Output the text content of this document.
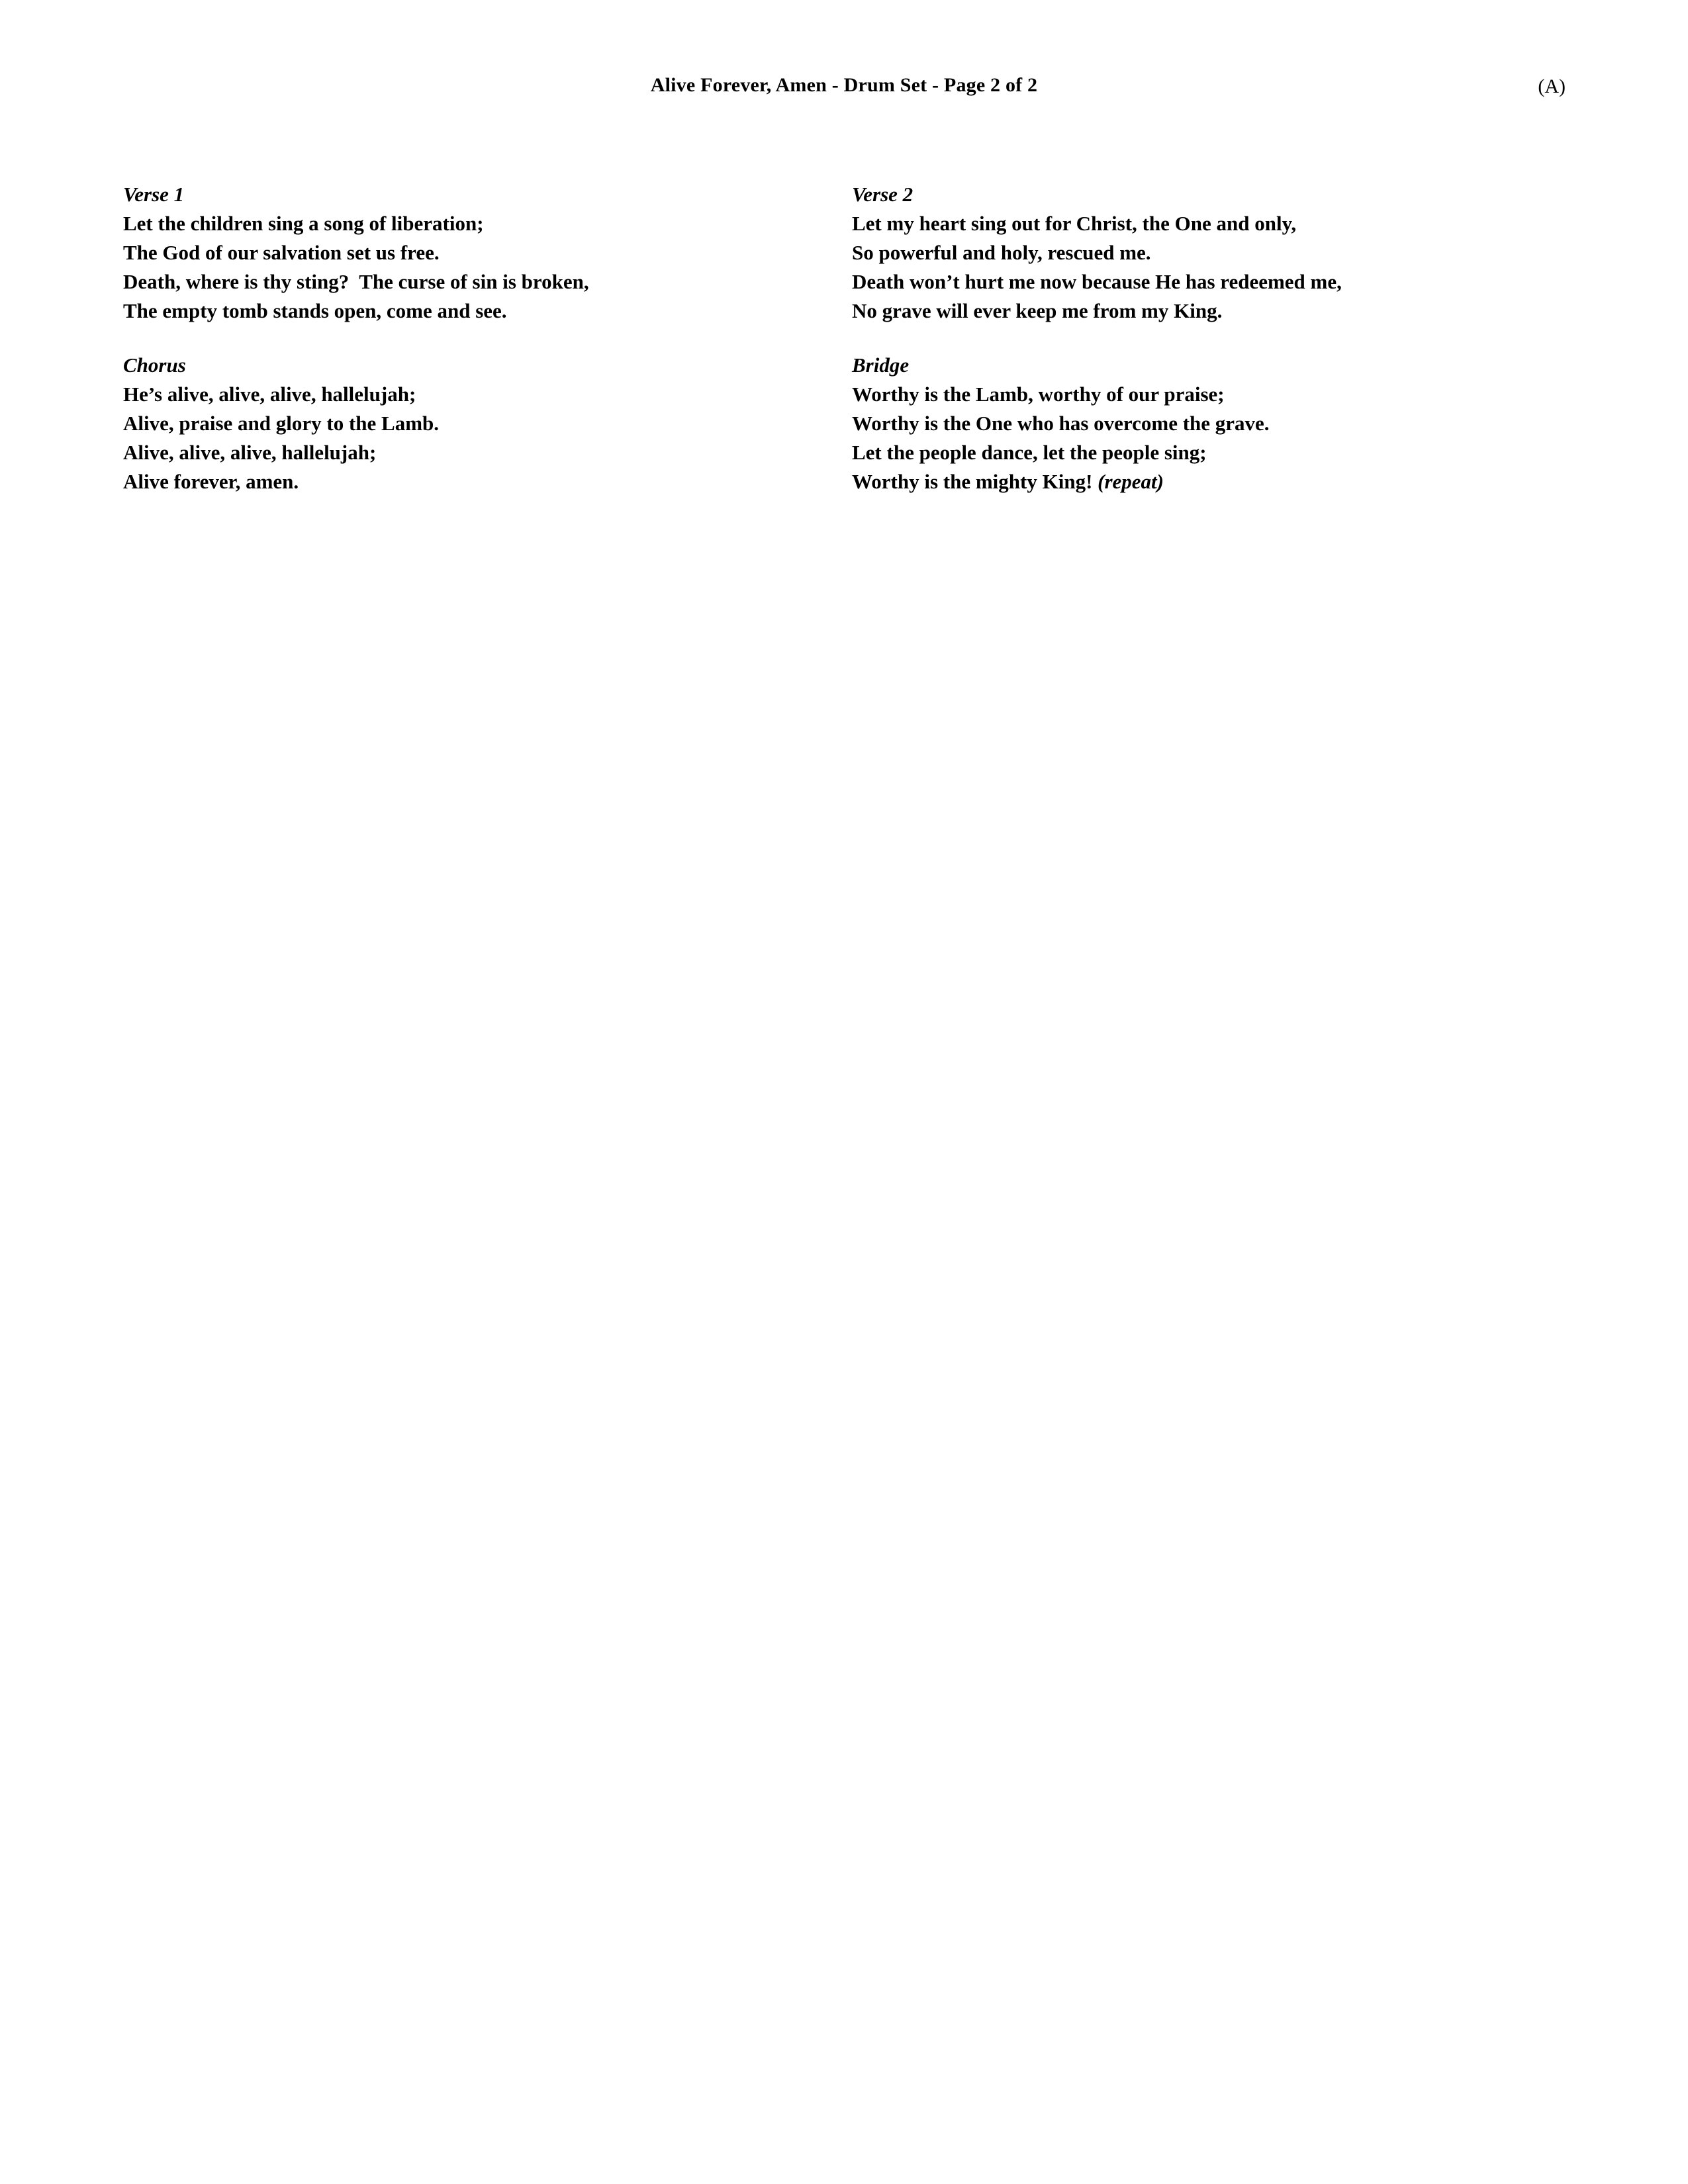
Alive Forever, Amen - Drum Set - Page 2 of 2	(A)
Verse 1
Let the children sing a song of liberation;
The God of our salvation set us free.
Death, where is thy sting?  The curse of sin is broken,
The empty tomb stands open, come and see.
Chorus
He’s alive, alive, alive, hallelujah;
Alive, praise and glory to the Lamb.
Alive, alive, alive, hallelujah;
Alive forever, amen.
Verse 2
Let my heart sing out for Christ, the One and only,
So powerful and holy, rescued me.
Death won’t hurt me now because He has redeemed me,
No grave will ever keep me from my King.
Bridge
Worthy is the Lamb, worthy of our praise;
Worthy is the One who has overcome the grave.
Let the people dance, let the people sing;
Worthy is the mighty King! (repeat)
